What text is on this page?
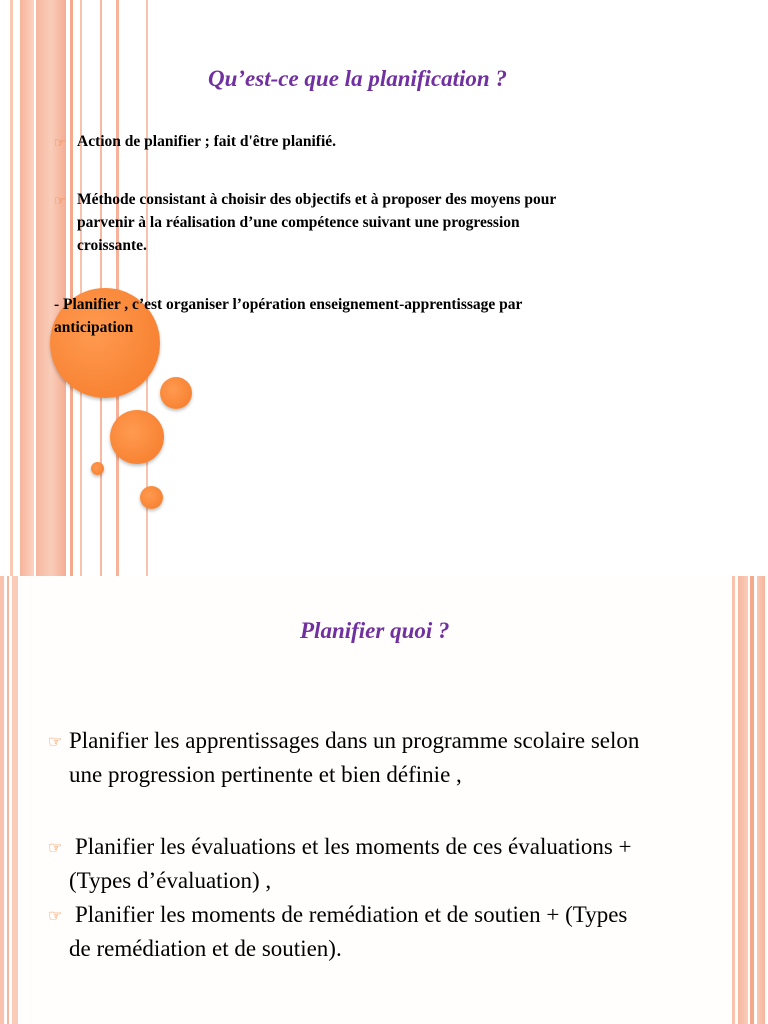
Qu’est-ce que la planification ?
☞ Action de planifier ; fait d'être planifié.
☞ Méthode consistant à choisir des objectifs et à proposer des moyens pour
parvenir à la réalisation d’une compétence suivant une progression
croissante.
- Planifier , c’est organiser l’opération enseignement-apprentissage par
anticipation
Planifier quoi ?
☞ Planifier les apprentissages dans un programme scolaire selon
une progression pertinente et bien définie ,
☞ Planifier les évaluations et les moments de ces évaluations +
(Types d’évaluation) ,
☞ Planifier les moments de remédiation et de soutien + (Types
de remédiation et de soutien).
